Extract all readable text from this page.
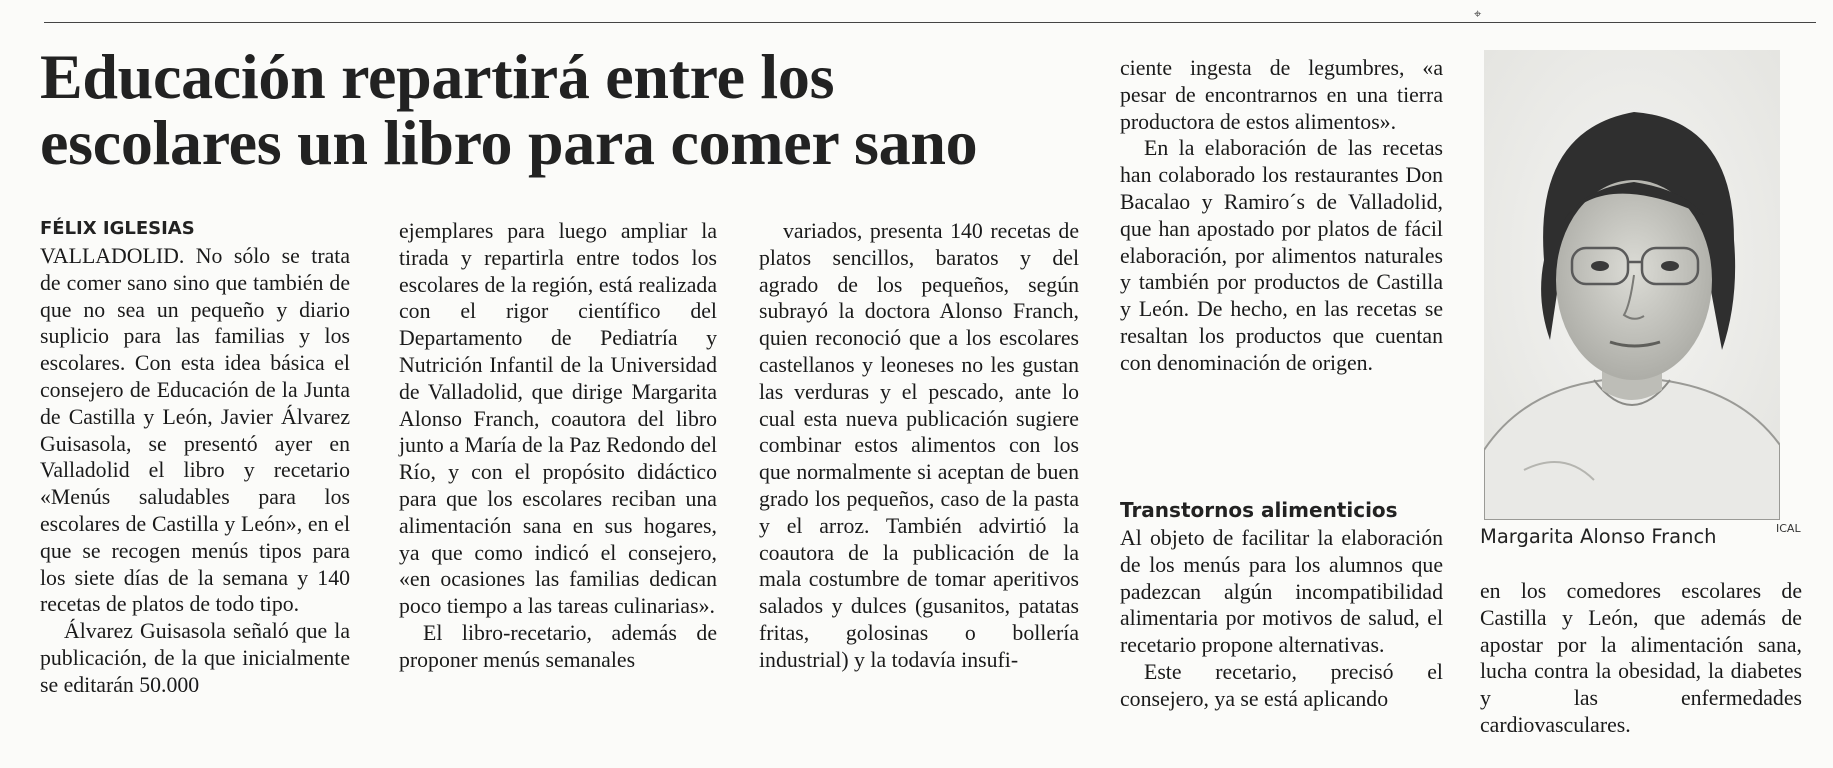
⌖
Educación repartirá entre los escolares un libro para comer sano

FÉLIX IGLESIAS

VALLADOLID. No sólo se trata de comer sano sino que también de que no sea un pequeño y diario suplicio para las familias y los escolares. Con esta idea básica el consejero de Educación de la Junta de Castilla y León, Javier Álvarez Guisasola, se presentó ayer en Valladolid el libro y recetario «Menús saludables para los escolares de Castilla y León», en el que se recogen menús tipos para los siete días de la semana y 140 recetas de platos de todo tipo.

Álvarez Guisasola señaló que la publicación, de la que inicialmente se editarán 50.000

ejemplares para luego ampliar la tirada y repartirla entre todos los escolares de la región, está realizada con el rigor científico del Departamento de Pediatría y Nutrición Infantil de la Universidad de Valladolid, que dirige Margarita Alonso Franch, coautora del libro junto a María de la Paz Redondo del Río, y con el propósito didáctico para que los escolares reciban una alimentación sana en sus hogares, ya que como indicó el consejero, «en ocasiones las familias dedican poco tiempo a las tareas culinarias».

El libro-recetario, además de proponer menús semanales

variados, presenta 140 recetas de platos sencillos, baratos y del agrado de los pequeños, según subrayó la doctora Alonso Franch, quien reconoció que a los escolares castellanos y leoneses no les gustan las verduras y el pescado, ante lo cual esta nueva publicación sugiere combinar estos alimentos con los que normalmente si aceptan de buen grado los pequeños, caso de la pasta y el arroz. También advirtió la coautora de la publicación de la mala costumbre de tomar aperitivos salados y dulces (gusanitos, patatas fritas, golosinas o bollería industrial) y la todavía insufi-

ciente ingesta de legumbres, «a pesar de encontrarnos en una tierra productora de estos alimentos».

En la elaboración de las recetas han colaborado los restaurantes Don Bacalao y Ramiro´s de Valladolid, que han apostado por platos de fácil elaboración, por alimentos naturales y también por productos de Castilla y León. De hecho, en las recetas se resaltan los productos que cuentan con denominación de origen.

Transtornos alimenticios

Al objeto de facilitar la elaboración de los menús para los alumnos que padezcan algún incompatibilidad alimentaria por motivos de salud, el recetario propone alternativas.

Este recetario, precisó el consejero, ya se está aplicando

Margarita Alonso Franch	ICAL

en los comedores escolares de Castilla y León, que además de apostar por la alimentación sana, lucha contra la obesidad, la diabetes y las enfermedades cardiovasculares.
